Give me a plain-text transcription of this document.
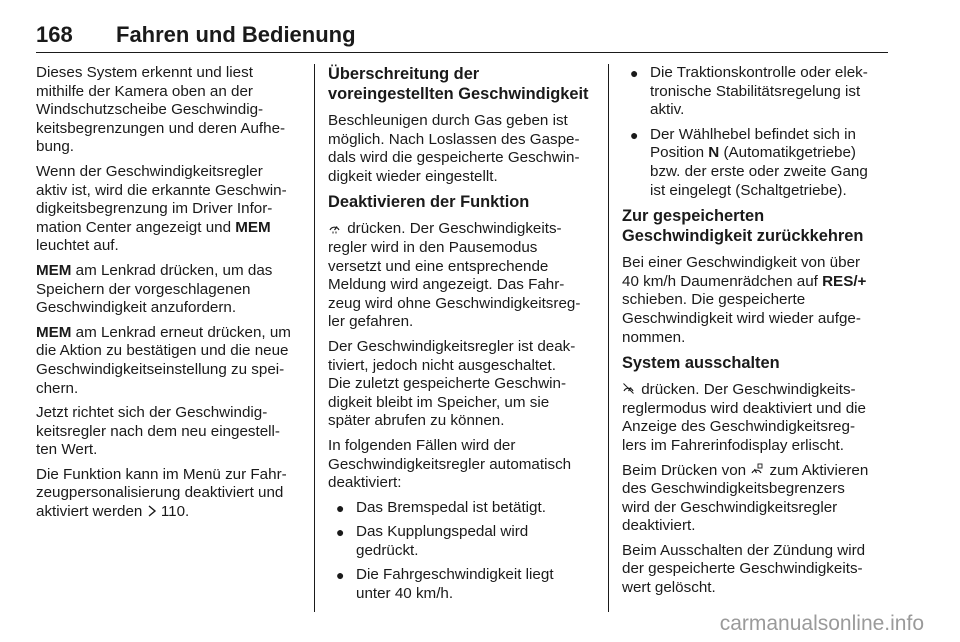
168 Fahren und Bedienung

Dieses System erkennt und liest
mithilfe der Kamera oben an der
Windschutzscheibe Geschwindig-
keitsbegrenzungen und deren Aufhe-
bung.

Wenn der Geschwindigkeitsregler
aktiv ist, wird die erkannte Geschwin-
digkeitsbegrenzung im Driver Infor-
mation Center angezeigt und MEM
leuchtet auf.

MEM am Lenkrad drücken, um das
Speichern der vorgeschlagenen
Geschwindigkeit anzufordern.

MEM am Lenkrad erneut drücken, um
die Aktion zu bestätigen und die neue
Geschwindigkeitseinstellung zu spei-
chern.

Jetzt richtet sich der Geschwindig-
keitsregler nach dem neu eingestell-
ten Wert.

Die Funktion kann im Menü zur Fahr-
zeugpersonalisierung deaktiviert und
aktiviert werden
110.

Überschreitung der
voreingestellten Geschwindigkeit

Beschleunigen durch Gas geben ist
möglich. Nach Loslassen des Gaspe-
dals wird die gespeicherte Geschwin-
digkeit wieder eingestellt.

Deaktivieren der Funktion

drücken. Der Geschwindigkeits-
regler wird in den Pausemodus
versetzt und eine entsprechende
Meldung wird angezeigt. Das Fahr-
zeug wird ohne Geschwindigkeitsreg-
ler gefahren.

Der Geschwindigkeitsregler ist deak-
tiviert, jedoch nicht ausgeschaltet.
Die zuletzt gespeicherte Geschwin-
digkeit bleibt im Speicher, um sie
später abrufen zu können.

In folgenden Fällen wird der
Geschwindigkeitsregler automatisch
deaktiviert:

● Das Bremspedal ist betätigt.
● Das Kupplungspedal wird
gedrückt.
● Die Fahrgeschwindigkeit liegt
unter 40 km/h.
● Die Traktionskontrolle oder elek-
tronische Stabilitätsregelung ist
aktiv.
● Der Wählhebel befindet sich in
Position N (Automatikgetriebe)
bzw. der erste oder zweite Gang
ist eingelegt (Schaltgetriebe).
Zur gespeicherten
Geschwindigkeit zurückkehren

Bei einer Geschwindigkeit von über
40 km/h Daumenrädchen auf RES/+
schieben. Die gespeicherte
Geschwindigkeit wird wieder aufge-
nommen.

System ausschalten

drücken. Der Geschwindigkeits-
reglermodus wird deaktiviert und die
Anzeige des Geschwindigkeitsreg-
lers im Fahrerinfodisplay erlischt.

Beim Drücken von
zum Aktivieren
des Geschwindigkeitsbegrenzers
wird der Geschwindigkeitsregler
deaktiviert.

Beim Ausschalten der Zündung wird
der gespeicherte Geschwindigkeits-
wert gelöscht.

carmanualsonline.info
